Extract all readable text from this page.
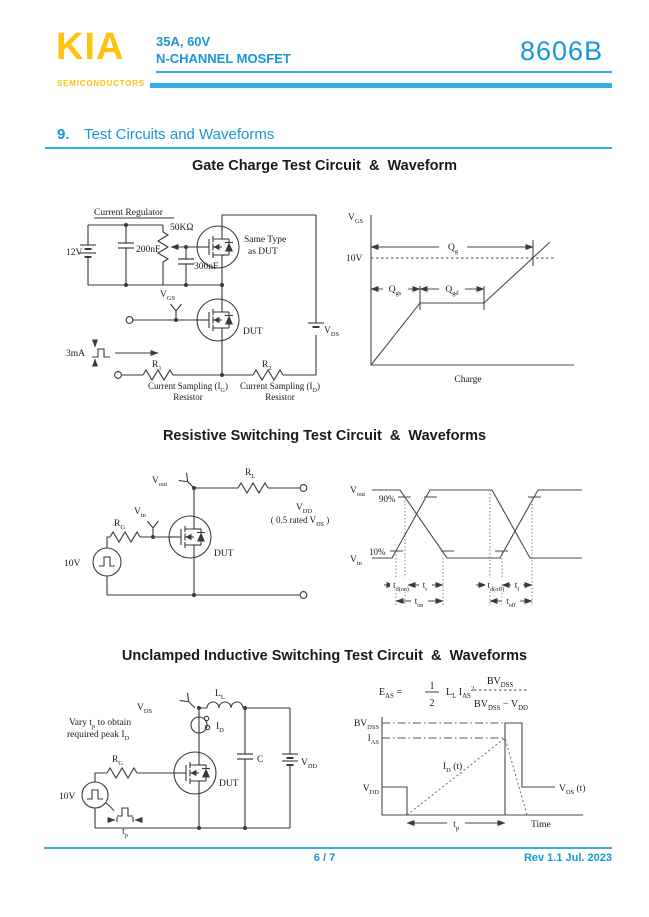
KIA
SEMICONDUCTORS
35A, 60V
N-CHANNEL MOSFET	8606B
9. Test Circuits and Waveforms
Gate Charge Test Circuit  &  Waveform
Current Regulator
12V	200nF
50KΩ
300nF
Same Type
as DUT
$V_{DS}$
$V_{GS}$
DUT
3mA
$R_1$	$R_2$
Current Sampling $(I_G)$
Resistor
Current Sampling $(I_D)$
Resistor
$Q_g$
$Q_{gs}$	$Q_{gd}$
$V_{GS}$
10V
Charge
Resistive Switching Test Circuit  &  Waveforms
10V
$R_G$
$V_{in}$
$V_{out}$
$R_L$
$V_{DD}$
( 0.5 rated $V_{DS}$ )
DUT
$t_{d(on)}$ $t_r$
$t_{on}$
$t_{d(off)}$ $t_f$
$t_{off}$
$V_{out}$ 90%
10%
$V_{in}$
Unclamped Inductive Switching Test Circuit  &  Waveforms
$V_{DS}$
$L_L$
$I_D$
Vary $t_p$ to obtain
required peak $I_D$
$R_G$
10V
$t_p$
DUT
C	$V_{DD}$
$E_{AS}$ =
1
2
$L_L$ $I_{AS}^2$
$BV_{DSS}$
$BV_{DSS} - V_{DD}$
$t_p$
$BV_{DSS}$
$I_{AS}$
$V_{DD}$
$I_D$ (t)
$V_{DS}$ (t)
Time
6 / 7	Rev 1.1 Jul. 2023
